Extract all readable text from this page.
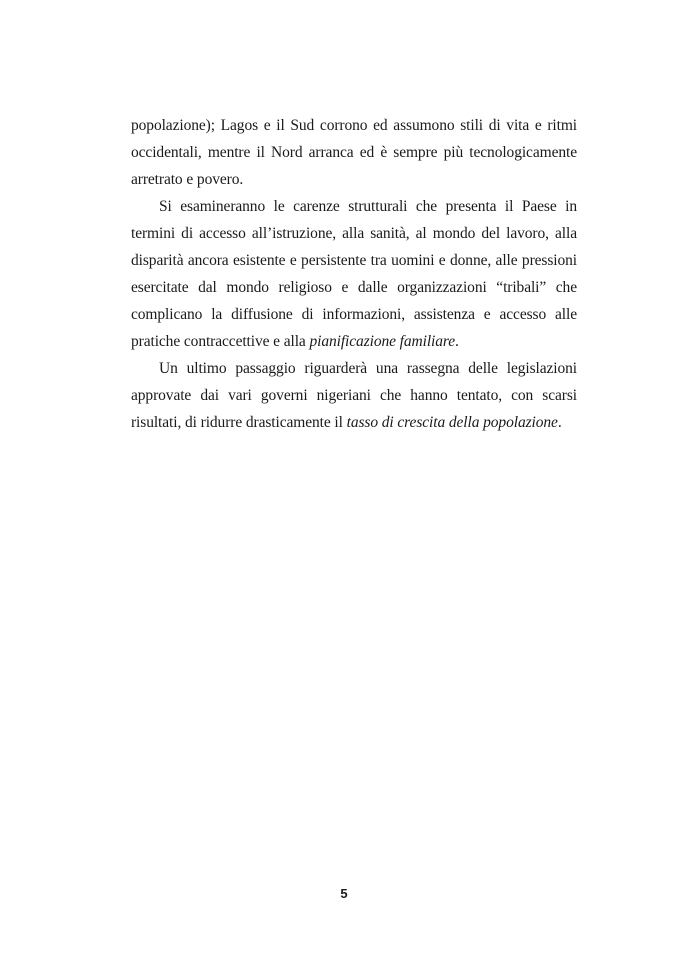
popolazione); Lagos e il Sud corrono ed assumono stili di vita e ritmi occidentali, mentre il Nord arranca ed è sempre più tecnologicamente arretrato e povero.

Si esamineranno le carenze strutturali che presenta il Paese in termini di accesso all’istruzione, alla sanità, al mondo del lavoro, alla disparità ancora esistente e persistente tra uomini e donne, alle pressioni esercitate dal mondo religioso e dalle organizzazioni “tribali” che complicano la diffusione di informazioni, assistenza e accesso alle pratiche contraccettive e alla pianificazione familiare.

Un ultimo passaggio riguarderà una rassegna delle legislazioni approvate dai vari governi nigeriani che hanno tentato, con scarsi risultati, di ridurre drasticamente il tasso di crescita della popolazione.

5
